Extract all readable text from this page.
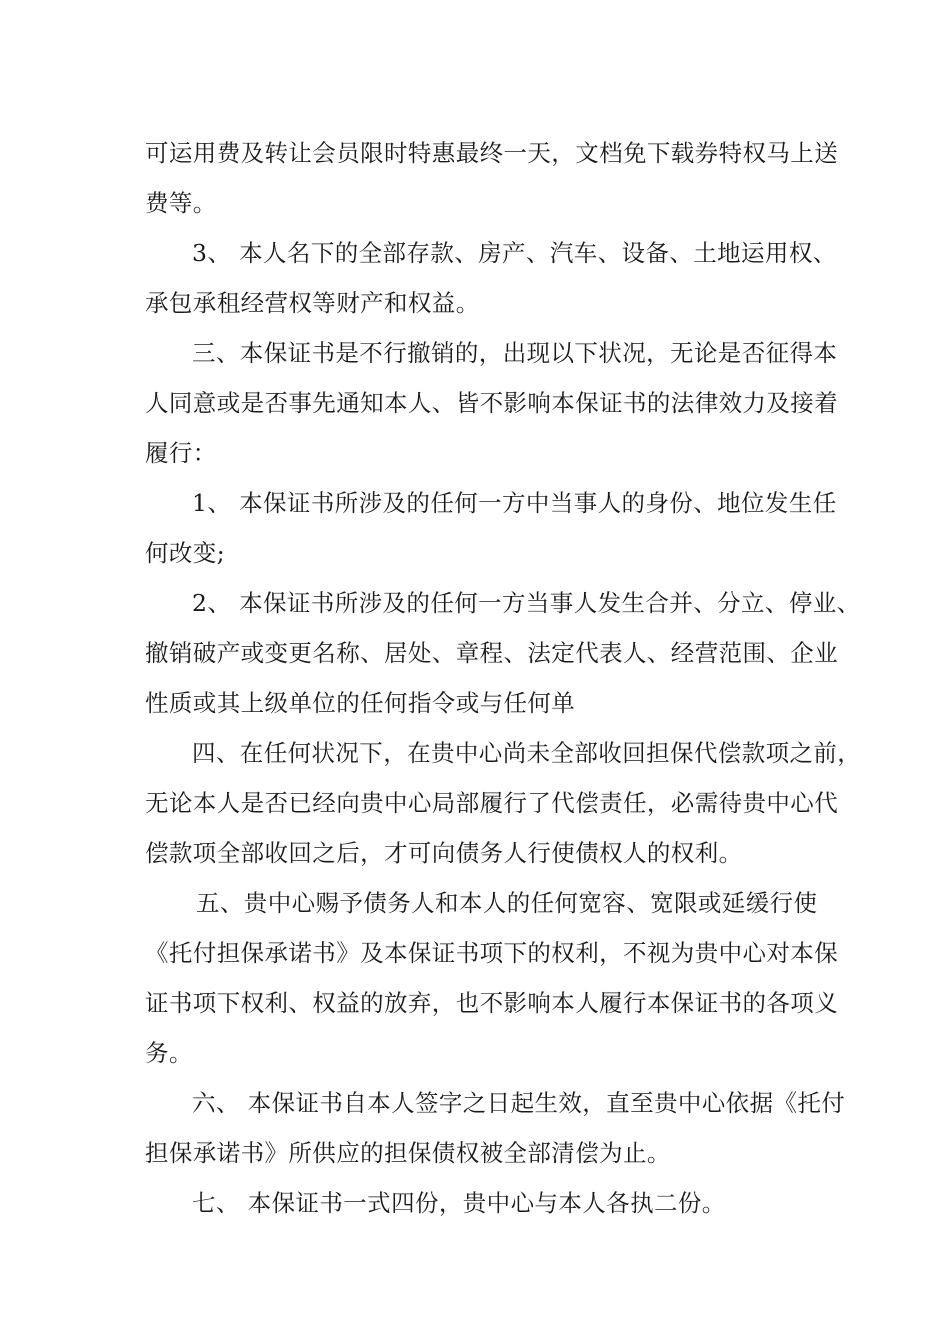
可运用费及转让会员限时特惠最终一天，文档免下载券特权马上送

费等。

3、 本人名下的全部存款、房产、汽车、设备、土地运用权、

承包承租经营权等财产和权益。

三、本保证书是不行撤销的，出现以下状况，无论是否征得本

人同意或是否事先通知本人、皆不影响本保证书的法律效力及接着

履行：

1、 本保证书所涉及的任何一方中当事人的身份、地位发生任

何改变;

2、 本保证书所涉及的任何一方当事人发生合并、分立、停业、

撤销破产或变更名称、居处、章程、法定代表人、经营范围、企业

性质或其上级单位的任何指令或与任何单

四、在任何状况下，在贵中心尚未全部收回担保代偿款项之前，

无论本人是否已经向贵中心局部履行了代偿责任，必需待贵中心代

偿款项全部收回之后，才可向债务人行使债权人的权利。

五、贵中心赐予债务人和本人的任何宽容、宽限或延缓行使

《托付担保承诺书》及本保证书项下的权利，不视为贵中心对本保

证书项下权利、权益的放弃，也不影响本人履行本保证书的各项义

务。

六、 本保证书自本人签字之日起生效，直至贵中心依据《托付

担保承诺书》所供应的担保债权被全部清偿为止。

七、 本保证书一式四份，贵中心与本人各执二份。
